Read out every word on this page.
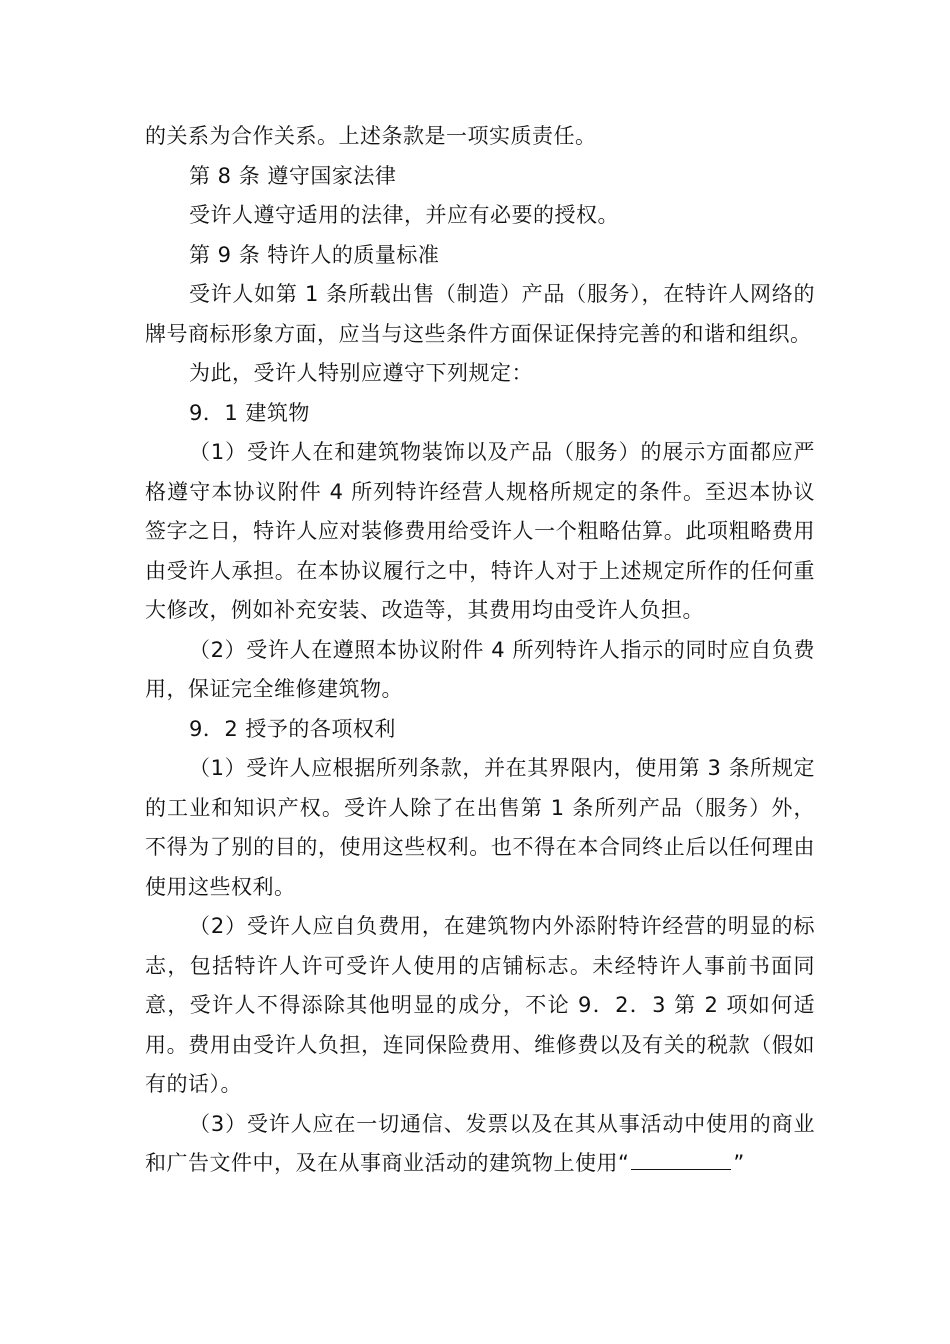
的关系为合作关系。上述条款是一项实质责任。

第 8 条 遵守国家法律

受许人遵守适用的法律，并应有必要的授权。

第 9 条 特许人的质量标准

受许人如第 1 条所载出售（制造）产品（服务），在特许人网络的牌号商标形象方面，应当与这些条件方面保证保持完善的和谐和组织。

为此，受许人特别应遵守下列规定：

9．1 建筑物

（1）受许人在和建筑物装饰以及产品（服务）的展示方面都应严格遵守本协议附件 4 所列特许经营人规格所规定的条件。至迟本协议签字之日，特许人应对装修费用给受许人一个粗略估算。此项粗略费用由受许人承担。在本协议履行之中，特许人对于上述规定所作的任何重大修改，例如补充安装、改造等，其费用均由受许人负担。

（2）受许人在遵照本协议附件 4 所列特许人指示的同时应自负费用，保证完全维修建筑物。

9．2 授予的各项权利

（1）受许人应根据所列条款，并在其界限内，使用第 3 条所规定的工业和知识产权。受许人除了在出售第 1 条所列产品（服务）外，不得为了别的目的，使用这些权利。也不得在本合同终止后以任何理由使用这些权利。

（2）受许人应自负费用，在建筑物内外添附特许经营的明显的标志，包括特许人许可受许人使用的店铺标志。未经特许人事前书面同意，受许人不得添除其他明显的成分，不论 9．2．3 第 2 项如何适用。费用由受许人负担，连同保险费用、维修费以及有关的税款（假如有的话）。

（3）受许人应在一切通信、发票以及在其从事活动中使用的商业和广告文件中，及在从事商业活动的建筑物上使用“	”
